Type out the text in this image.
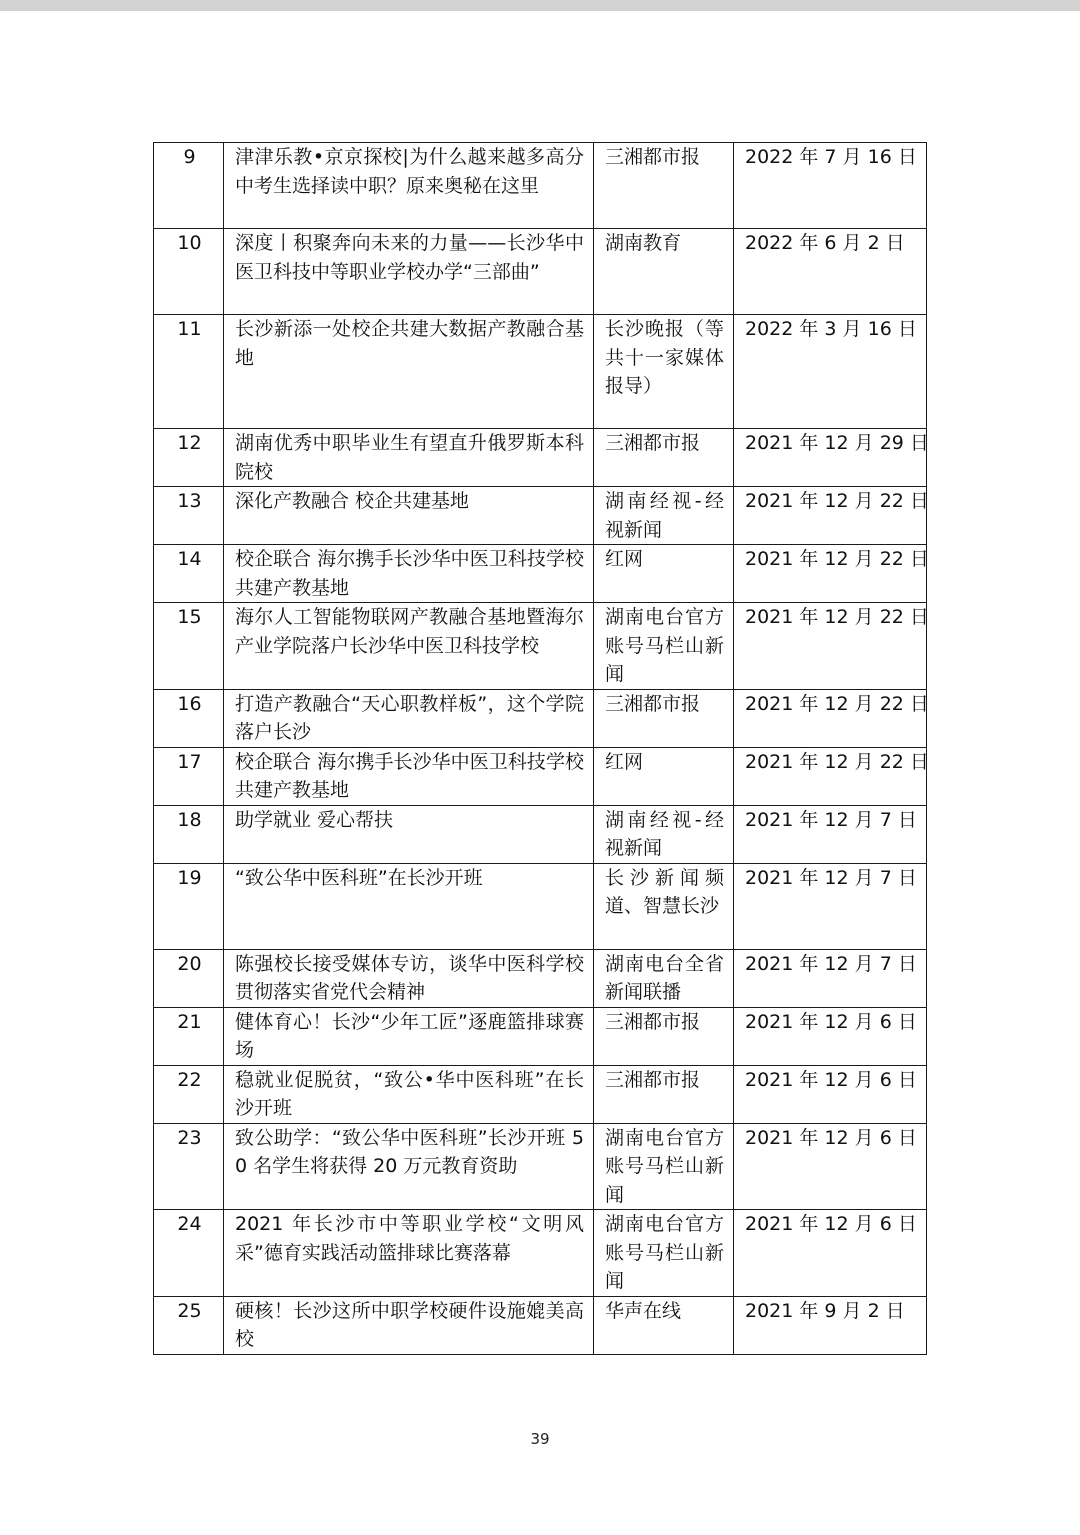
9	津津乐教•京京探校|为什么越来越多高分中考生选择读中职？原来奥秘在这里	三湘都市报	2022 年 7 月 16 日
10	深度丨积聚奔向未来的力量——长沙华中医卫科技中等职业学校办学“三部曲”	湖南教育	2022 年 6 月 2 日
11	长沙新添一处校企共建大数据产教融合基地	长沙晚报（等共十一家媒体报导）	2022 年 3 月 16 日
12	湖南优秀中职毕业生有望直升俄罗斯本科院校	三湘都市报	2021 年 12 月 29 日
13	深化产教融合 校企共建基地	湖南经视-经视新闻	2021 年 12 月 22 日
14	校企联合 海尔携手长沙华中医卫科技学校共建产教基地	红网	2021 年 12 月 22 日
15	海尔人工智能物联网产教融合基地暨海尔产业学院落户长沙华中医卫科技学校	湖南电台官方账号马栏山新闻	2021 年 12 月 22 日
16	打造产教融合“天心职教样板”，这个学院落户长沙	三湘都市报	2021 年 12 月 22 日
17	校企联合 海尔携手长沙华中医卫科技学校共建产教基地	红网	2021 年 12 月 22 日
18	助学就业 爱心帮扶	湖南经视-经视新闻	2021 年 12 月 7 日
19	“致公华中医科班”在长沙开班	长沙新闻频道、智慧长沙	2021 年 12 月 7 日
20	陈强校长接受媒体专访，谈华中医科学校贯彻落实省党代会精神	湖南电台全省新闻联播	2021 年 12 月 7 日
21	健体育心！长沙“少年工匠”逐鹿篮排球赛场	三湘都市报	2021 年 12 月 6 日
22	稳就业促脱贫，“致公•华中医科班”在长沙开班	三湘都市报	2021 年 12 月 6 日
23	致公助学：“致公华中医科班”长沙开班 50 名学生将获得 20 万元教育资助	湖南电台官方账号马栏山新闻	2021 年 12 月 6 日
24	2021 年长沙市中等职业学校“文明风采”德育实践活动篮排球比赛落幕	湖南电台官方账号马栏山新闻	2021 年 12 月 6 日
25	硬核！长沙这所中职学校硬件设施媲美高校	华声在线	2021 年 9 月 2 日
39
